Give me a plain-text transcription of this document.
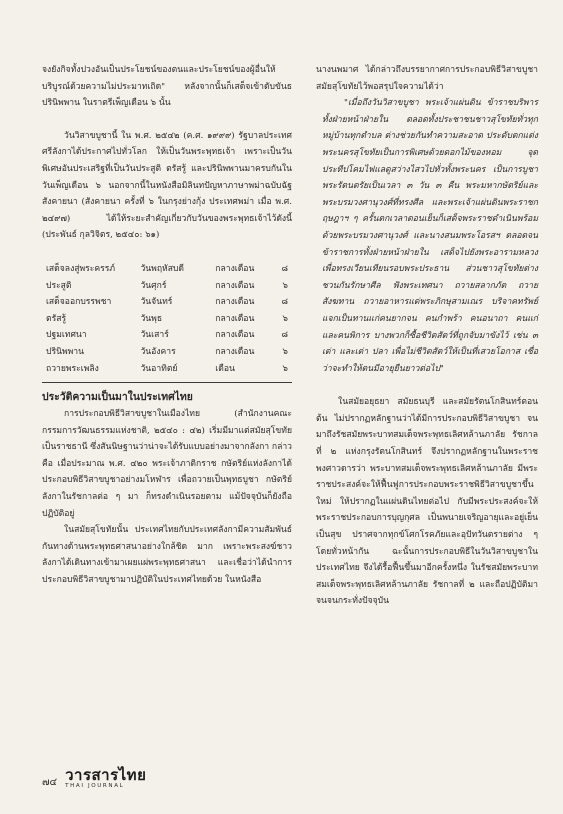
จงยังกิจทั้งปวงอันเป็นประโยชน์ของตนและประโยชน์ของผู้อื่นให้บริบูรณ์ด้วยความไม่ประมาทเถิด" หลังจากนั้นก็เสด็จเข้าดับขันธปรินิพพาน ในราตรีเพ็ญเดือน ๖ นั้น

วันวิสาขบูชานี้ ใน พ.ศ. ๒๕๔๒ (ค.ศ. ๑๙๙๙) รัฐบาลประเทศศรีลังกาได้ประกาศไปทั่วโลก ให้เป็นวันพระพุทธเจ้า เพราะเป็นวันพิเศษอันประเสริฐที่เป็นวันประสูติ ตรัสรู้ และปรินิพพานมาครบกันในวันเพ็ญเดือน ๖ นอกจากนี้ในหนังสือมิลินทปัญหาภาษาพม่าฉบับฉัฐสังคายนา (สังคายนา ครั้งที่ ๖ ในกรุงย่างกุ้ง ประเทศพม่า เมื่อ พ.ศ. ๒๔๙๗) ได้ให้ระยะสำคัญเกี่ยวกับวันของพระพุทธเจ้าไว้ดังนี้ (ประพันธ์ กุลวิจิตร, ๒๕๔๐: ๖๑)

เสด็จลงสู่พระครรภ์	วันพฤหัสบดี	กลางเดือน	๘
ประสูติ	วันศุกร์	กลางเดือน	๖
เสด็จออกบรรพชา	วันจันทร์	กลางเดือน	๘
ตรัสรู้	วันพุธ	กลางเดือน	๖
ปฐมเทศนา	วันเสาร์	กลางเดือน	๘
ปรินิพพาน	วันอังคาร	กลางเดือน	๖
ถวายพระเพลิง	วันอาทิตย์	เดือน	๖
ประวัติความเป็นมาในประเทศไทย

การประกอบพิธีวิสาขบูชาในเมืองไทย (สำนักงานคณะกรรมการวัฒนธรรมแห่งชาติ, ๒๕๔๐ : ๔๒) เริ่มมีมาแต่สมัยสุโขทัยเป็นราชธานี ซึ่งสันนิษฐานว่าน่าจะได้รับแบบอย่างมาจากลังกา กล่าวคือ เมื่อประมาณ พ.ศ. ๔๒๐ พระเจ้าภาติกราช กษัตริย์แห่งลังกาได้ประกอบพิธีวิสาขบูชาอย่างมโหฬาร เพื่อถวายเป็นพุทธบูชา กษัตริย์ลังกาในรัชกาลต่อ ๆ มา ก็ทรงดำเนินรอยตาม แม้ปัจจุบันก็ยังถือปฏิบัติอยู่

ในสมัยสุโขทัยนั้น ประเทศไทยกับประเทศลังกามีความสัมพันธ์กันทางด้านพระพุทธศาสนาอย่างใกล้ชิด มาก เพราะพระสงฆ์ชาวลังกาได้เดินทางเข้ามาเผยแผ่พระพุทธศาสนา และเชื่อว่าได้นำการประกอบพิธีวิสาขบูชามาปฏิบัติในประเทศไทยด้วย ในหนังสือ

นางนพมาศ ได้กล่าวถึงบรรยากาศการประกอบพิธีวิสาขบูชาสมัยสุโขทัยไว้พอสรุปใจความได้ว่า

"เมื่อถึงวันวิสาขบูชา พระเจ้าแผ่นดิน ข้าราชบริพารทั้งฝ่ายหน้าฝ่ายใน ตลอดทั้งประชาชนชาวสุโขทัยทั่วทุกหมู่บ้านทุกตำบล ต่างช่วยกันทำความสะอาด ประดับตกแต่งพระนครสุโขทัยเป็นการพิเศษด้วยดอกไม้ของหอม จุดประทีปโคมไฟแลดูสว่างไสวไปทั่วทั้งพระนคร เป็นการบูชาพระรัตนตรัยเป็นเวลา ๓ วัน ๓ คืน พระมหากษัตริย์และพระบรมวงศานุวงศ์ที่ทรงศีล และพระเจ้าแผ่นดินพระราชกฤษฎาฯ ๆ ครั้นตกเวลาตอนเย็นก็เสด็จพระราชดำเนินพร้อมด้วยพระบรมวงศานุวงศ์ และนางสนมพระโอรสฯ ตลอดจนข้าราชการทั้งฝ่ายหน้าฝ่ายใน เสด็จไปยังพระอารามหลวง เพื่อทรงเวียนเทียนรอบพระประธาน ส่วนชาวสุโขทัยต่างชวนกันรักษาศีล ฟังพระเทศนา ถวายสลากภัต ถวายสังฆทาน ถวายอาหารแด่พระภิกษุสามเณร บริจาคทรัพย์แจกเป็นทานแก่คนยากจน คนกำพร้า คนอนาถา คนแก่ และคนพิการ บางพวกก็ซื้อชีวิตสัตว์ที่ถูกจับมาขังไว้ เช่น ๓ เต่า และเต่า ปลา เพื่อไม่ชีวิตสัตว์ให้เป็นที่เสวยโอกาส เชื่อว่าจะทำให้ตนมีอายุยืนยาวต่อไป"

ในสมัยอยุธยา สมัยธนบุรี และสมัยรัตนโกสินทร์ตอนต้น ไม่ปรากฏหลักฐานว่าได้มีการประกอบพิธีวิสาขบูชา จนมาถึงรัชสมัยพระบาทสมเด็จพระพุทธเลิศหล้านภาลัย รัชกาลที่ ๒ แห่งกรุงรัตนโกสินทร์ จึงปรากฏหลักฐานในพระราชพงศาวดารว่า พระบาทสมเด็จพระพุทธเลิศหล้านภาลัย มีพระราชประสงค์จะให้ฟื้นฟูการประกอบพระราชพิธีวิสาขบูชาขึ้นใหม่ ให้ปรากฏในแผ่นดินไทยต่อไป กับมีพระประสงค์จะให้พระราชประกอบการบุญกุศล เป็นพนายเจริญอายุและอยู่เย็นเป็นสุข ปราศจากทุกข์โศกโรคภัยและอุปัทวันตรายต่าง ๆ โดยทั่วหน้ากัน ฉะนั้นการประกอบพิธีในวันวิสาขบูชาในประเทศไทย จึงได้รื้อฟื้นขึ้นมาอีกครั้งหนึ่ง ในรัชสมัยพระบาทสมเด็จพระพุทธเลิศหล้านภาลัย รัชกาลที่ ๒ และถือปฏิบัติมาจนจนกระทั่งปัจจุบัน

๗๔ วารสารไทย
THAI JOURNAL
